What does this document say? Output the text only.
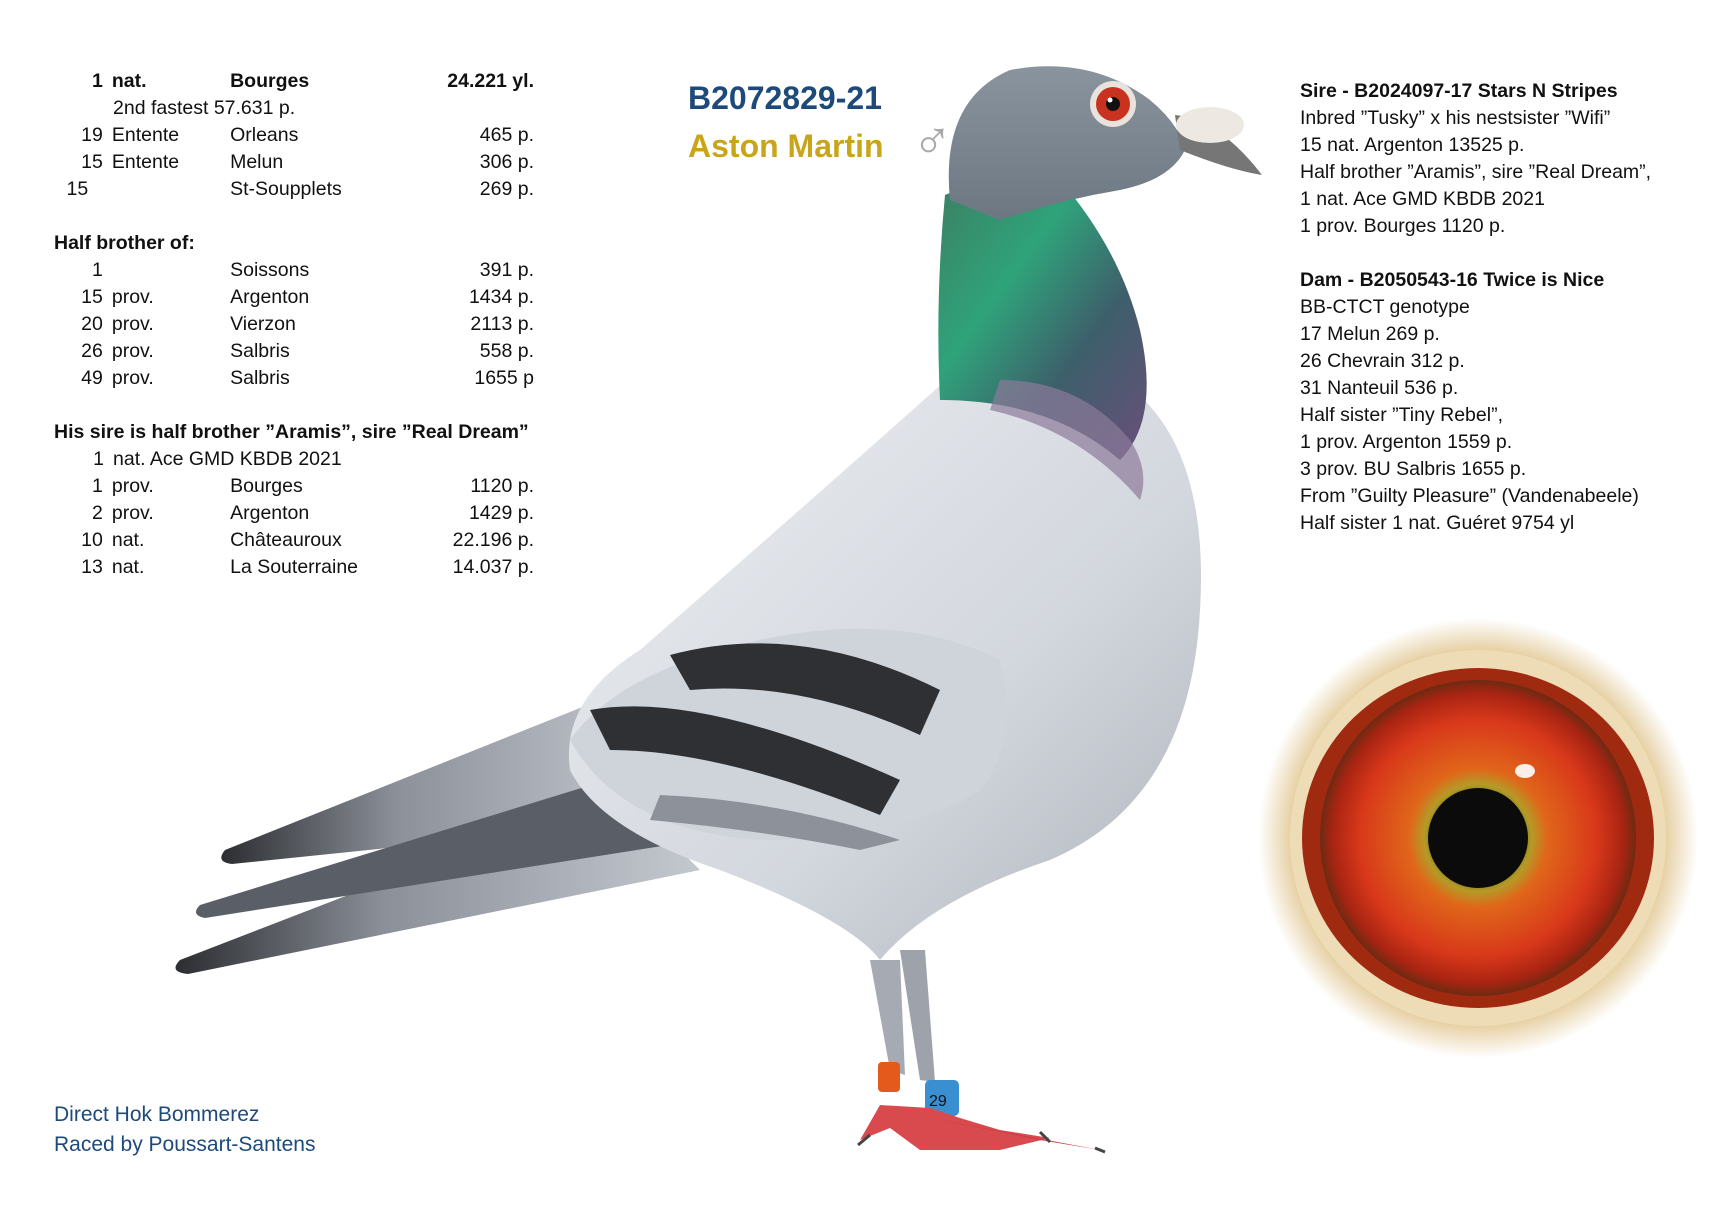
29
1 nat.	Bourges	24.221 yl.
2nd fastest 57.631 p.
19 Entente	Orleans	465 p.
15 Entente	Melun	306 p.
15	St-Soupplets	269 p.
Half brother of:
1	Soissons	391 p.
15 prov.	Argenton	1434 p.
20 prov.	Vierzon	2113 p.
26 prov.	Salbris	558 p.
49 prov.	Salbris	1655 p
His sire is half brother ”Aramis”, sire ”Real Dream”
1 nat. Ace GMD KBDB 2021
1 prov.	Bourges	1120 p.
2 prov.	Argenton	1429 p.
10 nat.	Châteauroux	22.196 p.
13 nat.	La Souterraine	14.037 p.
B2072829-21
Aston Martin ♂
Sire - B2024097-17 Stars N Stripes
Inbred ”Tusky” x his nestsister ”Wifi”
15 nat. Argenton 13525 p.
Half brother ”Aramis”, sire ”Real Dream”,
1 nat. Ace GMD KBDB 2021
1 prov. Bourges 1120 p.
Dam - B2050543-16 Twice is Nice
BB-CTCT genotype
17 Melun 269 p.
26 Chevrain 312 p.
31 Nanteuil 536 p.
Half sister ”Tiny Rebel”,
1 prov. Argenton 1559 p.
3 prov. BU Salbris 1655 p.
From ”Guilty Pleasure” (Vandenabeele)
Half sister 1 nat. Guéret 9754 yl
Direct Hok Bommerez
Raced by Poussart-Santens
